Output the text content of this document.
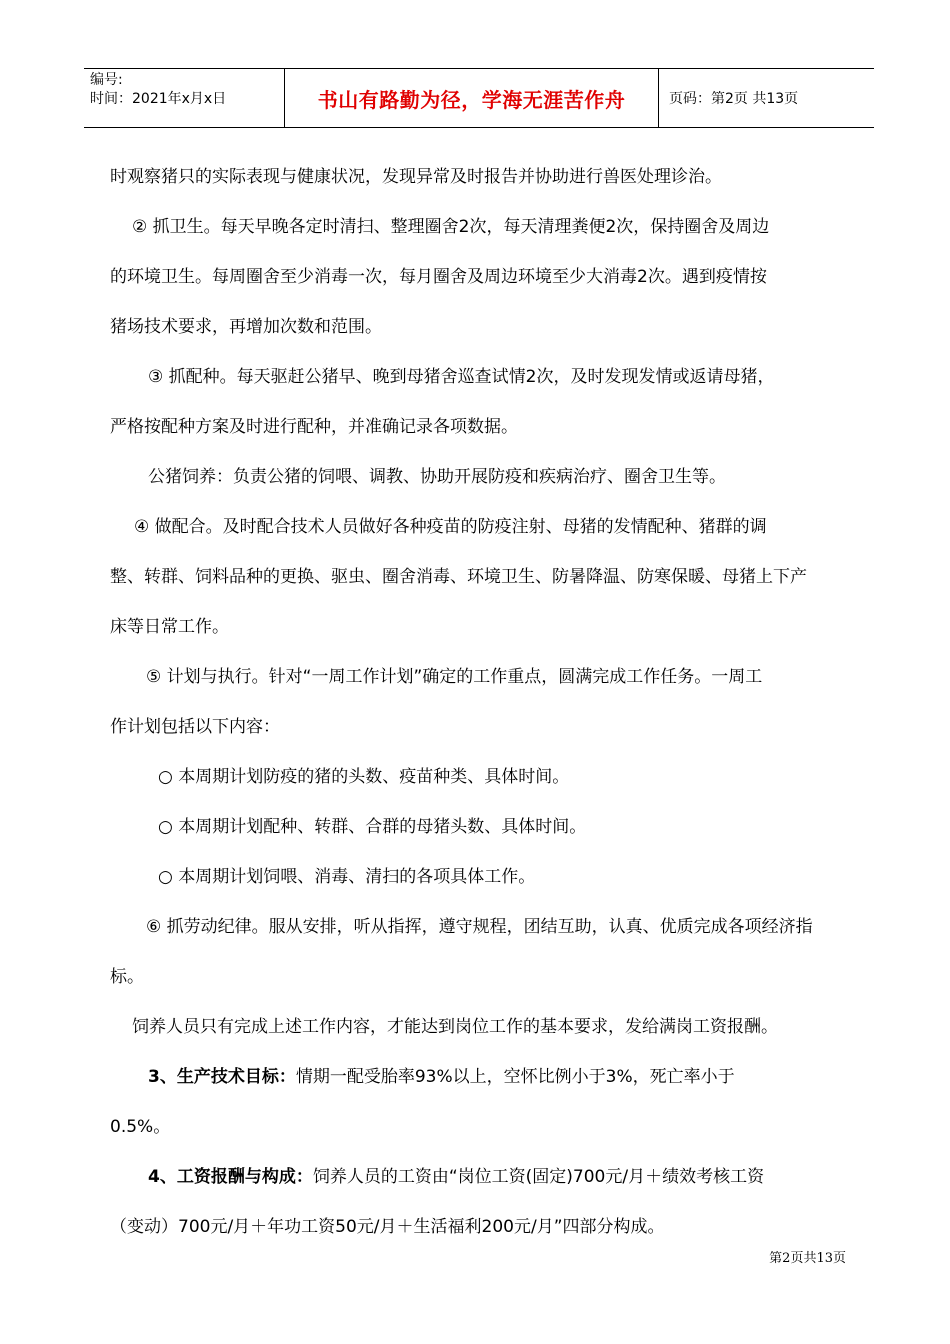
编号:
时间：2021年x月x日	书山有路勤为径，学海无涯苦作舟	页码：第2页 共13页

时观察猪只的实际表现与健康状况，发现异常及时报告并协助进行兽医处理诊治。

② 抓卫生。每天早晚各定时清扫、整理圈舍2次，每天清理粪便2次，保持圈舍及周边

的环境卫生。每周圈舍至少消毒一次，每月圈舍及周边环境至少大消毒2次。遇到疫情按

猪场技术要求，再增加次数和范围。

③ 抓配种。每天驱赶公猪早、晚到母猪舍巡查试情2次，及时发现发情或返请母猪，

严格按配种方案及时进行配种，并准确记录各项数据。

公猪饲养：负责公猪的饲喂、调教、协助开展防疫和疾病治疗、圈舍卫生等。

④ 做配合。及时配合技术人员做好各种疫苗的防疫注射、母猪的发情配种、猪群的调

整、转群、饲料品种的更换、驱虫、圈舍消毒、环境卫生、防暑降温、防寒保暖、母猪上下产

床等日常工作。

⑤ 计划与执行。针对“一周工作计划”确定的工作重点，圆满完成工作任务。一周工

作计划包括以下内容：

○ 本周期计划防疫的猪的头数、疫苗种类、具体时间。

○ 本周期计划配种、转群、合群的母猪头数、具体时间。

○ 本周期计划饲喂、消毒、清扫的各项具体工作。

⑥ 抓劳动纪律。服从安排，听从指挥，遵守规程，团结互助，认真、优质完成各项经济指

标。

饲养人员只有完成上述工作内容，才能达到岗位工作的基本要求，发给满岗工资报酬。

3、生产技术目标：情期一配受胎率93%以上，空怀比例小于3%，死亡率小于

0.5%。

4、工资报酬与构成：饲养人员的工资由“岗位工资(固定)700元/月＋绩效考核工资

（变动）700元/月＋年功工资50元/月＋生活福利200元/月”四部分构成。

第2页共13页
